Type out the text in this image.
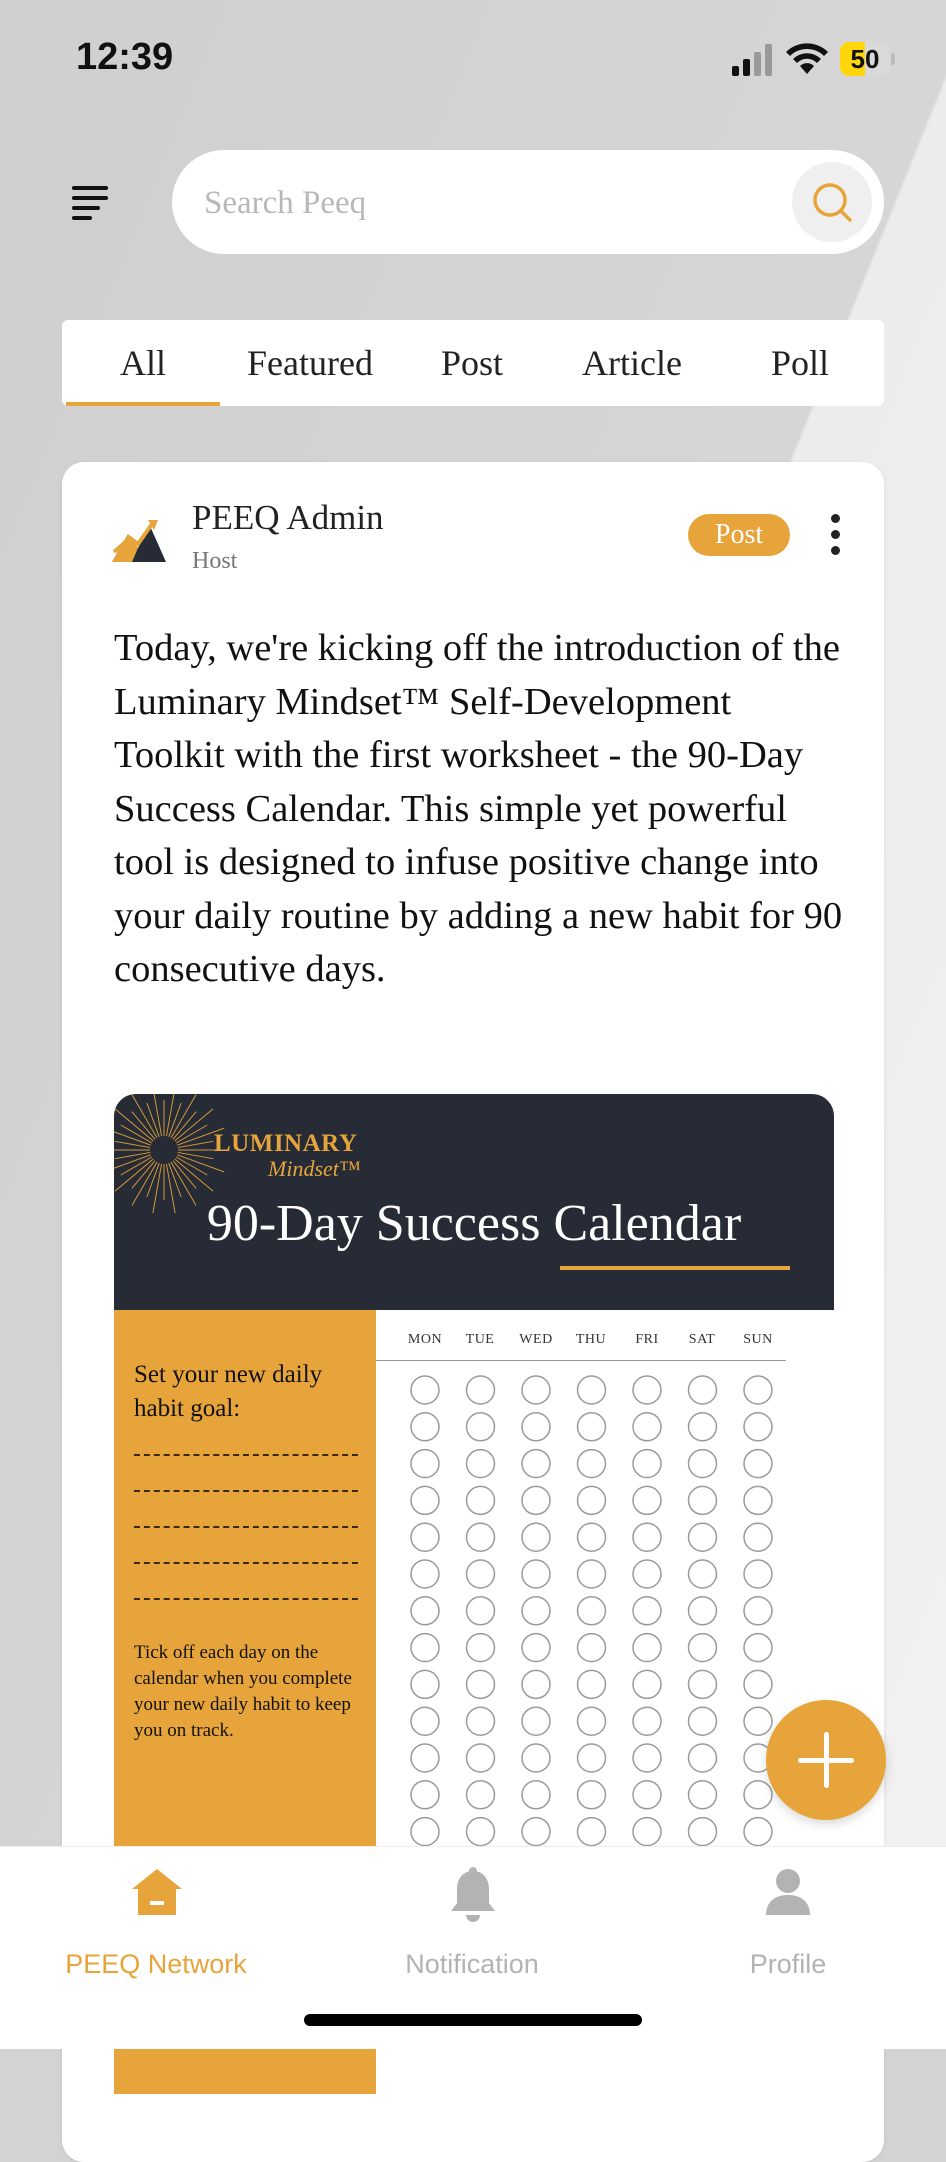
12:39	50
Search Peeq
All	Featured	Post	Article	Poll
PEEQ Admin
Host
Post

Today, we're kicking off the introduction of the Luminary Mindset™ Self-Development Toolkit with the first worksheet - the 90-Day Success Calendar. This simple yet powerful tool is designed to infuse positive change into your daily routine by adding a new habit for 90 consecutive days.

LUMINARY
Mindset™
90-Day Success Calendar

Set your new daily habit goal:

Tick off each day on the calendar when you complete your new daily habit to keep you on track.

MON	TUE	WED	THU	FRI	SAT	SUN
PEEQ Network	Notification	Profile
